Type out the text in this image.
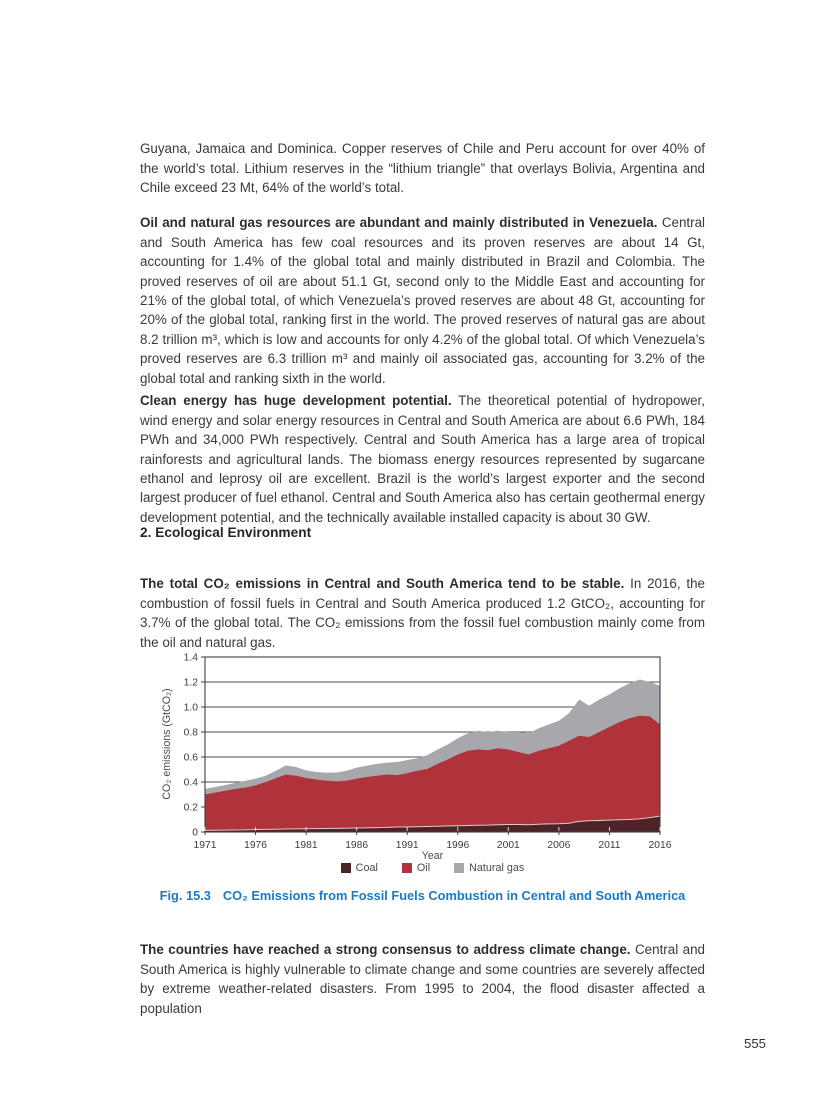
Guyana, Jamaica and Dominica. Copper reserves of Chile and Peru account for over 40% of the world’s total. Lithium reserves in the “lithium triangle” that overlays Bolivia, Argentina and Chile exceed 23 Mt, 64% of the world’s total.

Oil and natural gas resources are abundant and mainly distributed in Venezuela. Central and South America has few coal resources and its proven reserves are about 14 Gt, accounting for 1.4% of the global total and mainly distributed in Brazil and Colombia. The proved reserves of oil are about 51.1 Gt, second only to the Middle East and accounting for 21% of the global total, of which Venezuela’s proved reserves are about 48 Gt, accounting for 20% of the global total, ranking first in the world. The proved reserves of natural gas are about 8.2 trillion m³, which is low and accounts for only 4.2% of the global total. Of which Venezuela’s proved reserves are 6.3 trillion m³ and mainly oil associated gas, accounting for 3.2% of the global total and ranking sixth in the world.

Clean energy has huge development potential. The theoretical potential of hydropower, wind energy and solar energy resources in Central and South America are about 6.6 PWh, 184 PWh and 34,000 PWh respectively. Central and South America has a large area of tropical rainforests and agricultural lands. The biomass energy resources represented by sugarcane ethanol and leprosy oil are excellent. Brazil is the world’s largest exporter and the second largest producer of fuel ethanol. Central and South America also has certain geothermal energy development potential, and the technically available installed capacity is about 30 GW.

2. Ecological Environment

The total CO₂ emissions in Central and South America tend to be stable. In 2016, the combustion of fossil fuels in Central and South America produced 1.2 GtCO₂, accounting for 3.7% of the global total. The CO₂ emissions from the fossil fuel combustion mainly come from the oil and natural gas.

CO₂ emissions (GtCO₂)
0
0.2
0.4
0.6
0.8
1.0
1.2
1.4
1971	1976	1981	1986	1991	1996	2001	2006	2011	2016
Year
Coal	Oil	Natural gas
Fig. 15.3 CO₂ Emissions from Fossil Fuels Combustion in Central and South America

The countries have reached a strong consensus to address climate change. Central and South America is highly vulnerable to climate change and some countries are severely affected by extreme weather-related disasters. From 1995 to 2004, the flood disaster affected a population

555
